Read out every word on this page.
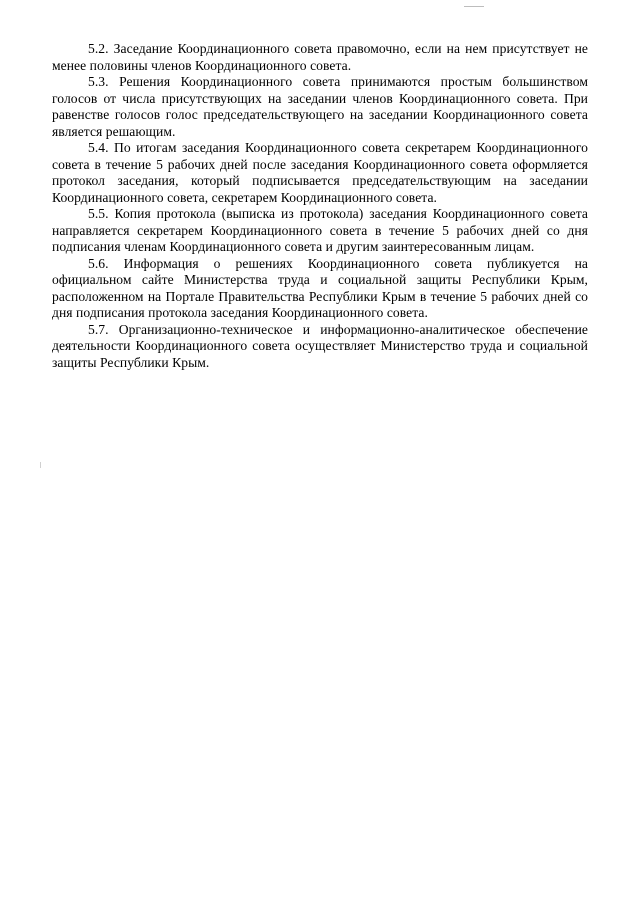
5.2. Заседание Координационного совета правомочно, если на нем присутствует не менее половины членов Координационного совета.

5.3. Решения Координационного совета принимаются простым большинством голосов от числа присутствующих на заседании членов Координационного совета. При равенстве голосов голос председательствующего на заседании Координационного совета является решающим.

5.4. По итогам заседания Координационного совета секретарем Координационного совета в течение 5 рабочих дней после заседания Координационного совета оформляется протокол заседания, который подписывается председательствующим на заседании Координационного совета, секретарем Координационного совета.

5.5. Копия протокола (выписка из протокола) заседания Координационного совета направляется секретарем Координационного совета в течение 5 рабочих дней со дня подписания членам Координационного совета и другим заинтересованным лицам.

5.6. Информация о решениях Координационного совета публикуется на официальном сайте Министерства труда и социальной защиты Республики Крым, расположенном на Портале Правительства Республики Крым в течение 5 рабочих дней со дня подписания протокола заседания Координационного совета.

5.7. Организационно-техническое и информационно-аналитическое обеспечение деятельности Координационного совета осуществляет Министерство труда и социальной защиты Республики Крым.
